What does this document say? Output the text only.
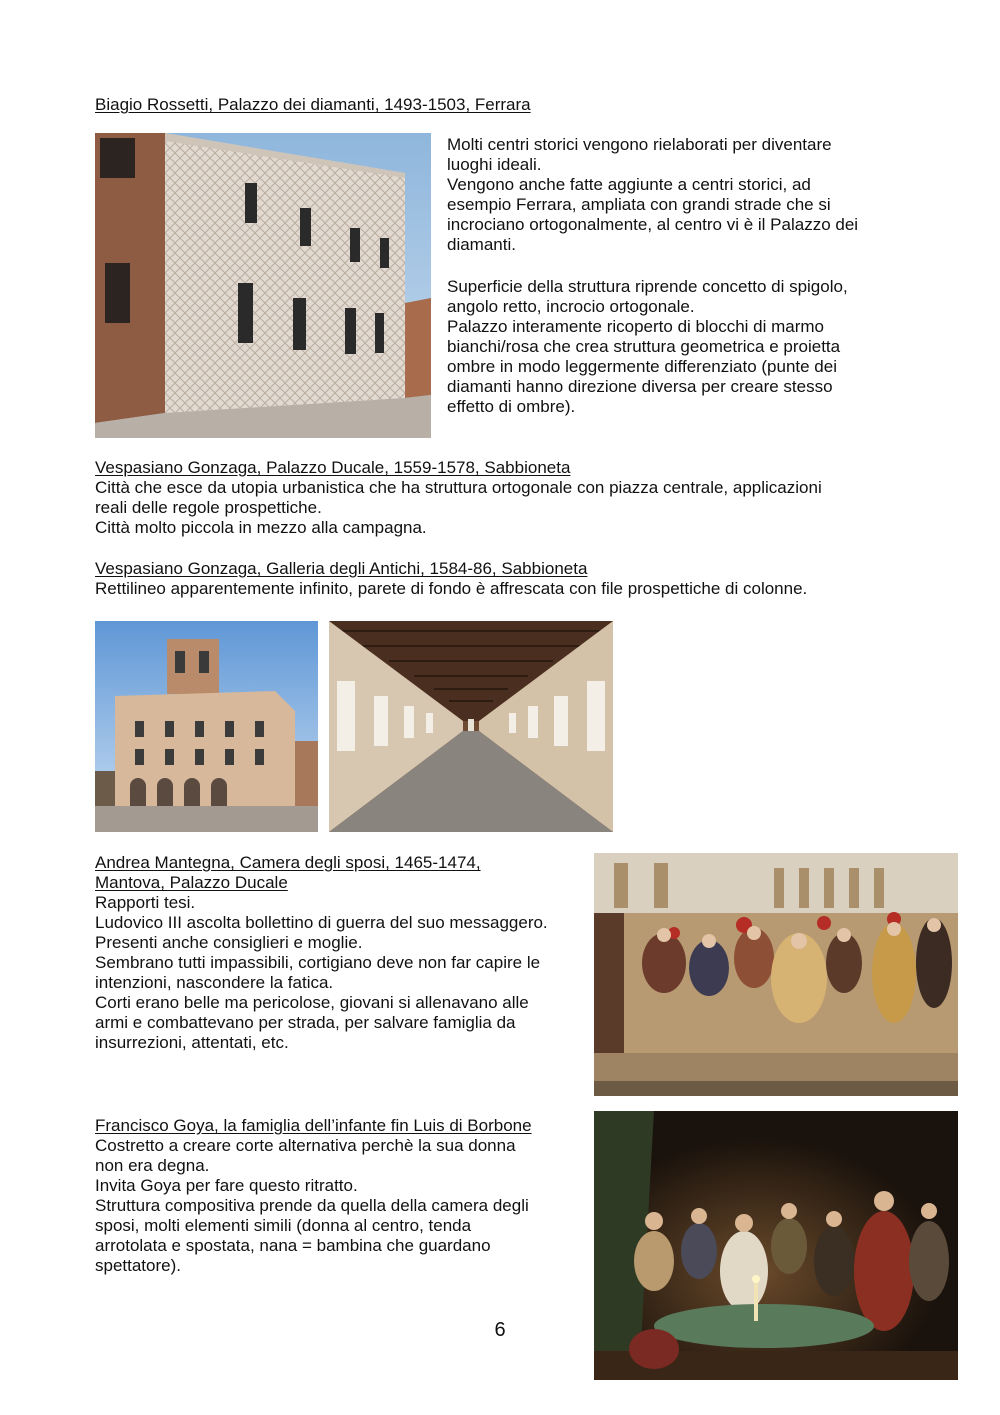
Biagio Rossetti, Palazzo dei diamanti, 1493-1503, Ferrara
Molti centri storici vengono rielaborati per diventare
luoghi ideali.
Vengono anche fatte aggiunte a centri storici, ad
esempio Ferrara, ampliata con grandi strade che si
incrociano ortogonalmente, al centro vi è il Palazzo dei
diamanti.
Superficie della struttura riprende concetto di spigolo,
angolo retto, incrocio ortogonale.
Palazzo interamente ricoperto di blocchi di marmo
bianchi/rosa che crea struttura geometrica e proietta
ombre in modo leggermente differenziato (punte dei
diamanti hanno direzione diversa per creare stesso
effetto di ombre).
Vespasiano Gonzaga, Palazzo Ducale, 1559-1578, Sabbioneta
Città che esce da utopia urbanistica che ha struttura ortogonale con piazza centrale, applicazioni
reali delle regole prospettiche.
Città molto piccola in mezzo alla campagna.
Vespasiano Gonzaga, Galleria degli Antichi, 1584-86, Sabbioneta
Rettilineo apparentemente infinito, parete di fondo è affrescata con file prospettiche di colonne.
Andrea Mantegna, Camera degli sposi, 1465-1474,
Mantova, Palazzo Ducale
Rapporti tesi.
Ludovico III ascolta bollettino di guerra del suo messaggero.
Presenti anche consiglieri e moglie.
Sembrano tutti impassibili, cortigiano deve non far capire le
intenzioni, nascondere la fatica.
Corti erano belle ma pericolose, giovani si allenavano alle
armi e combattevano per strada, per salvare famiglia da
insurrezioni, attentati, etc.
Francisco Goya, la famiglia dell’infante fin Luis di Borbone
Costretto a creare corte alternativa perchè la sua donna
non era degna.
Invita Goya per fare questo ritratto.
Struttura compositiva prende da quella della camera degli
sposi, molti elementi simili (donna al centro, tenda
arrotolata e spostata, nana = bambina che guardano
spettatore).
6
